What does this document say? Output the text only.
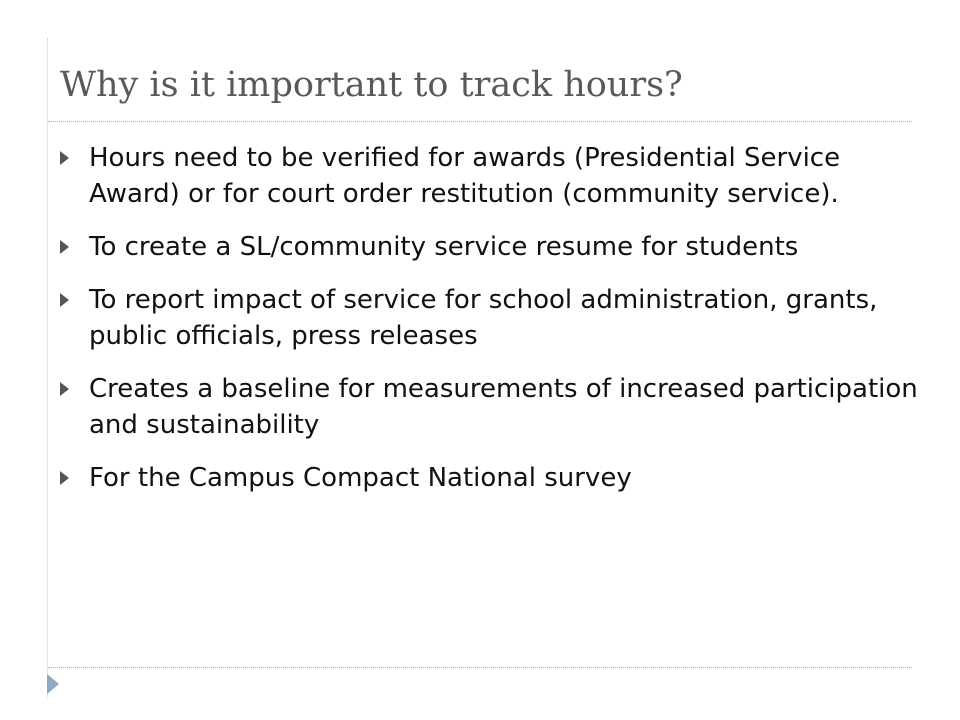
Why is it important to track hours?
Hours need to be verified for awards (Presidential Service Award) or for court order restitution (community service).
To create a SL/community service resume for students
To report impact of service for school administration, grants, public officials, press releases
Creates a baseline for measurements of increased participation and sustainability
For the Campus Compact National survey
